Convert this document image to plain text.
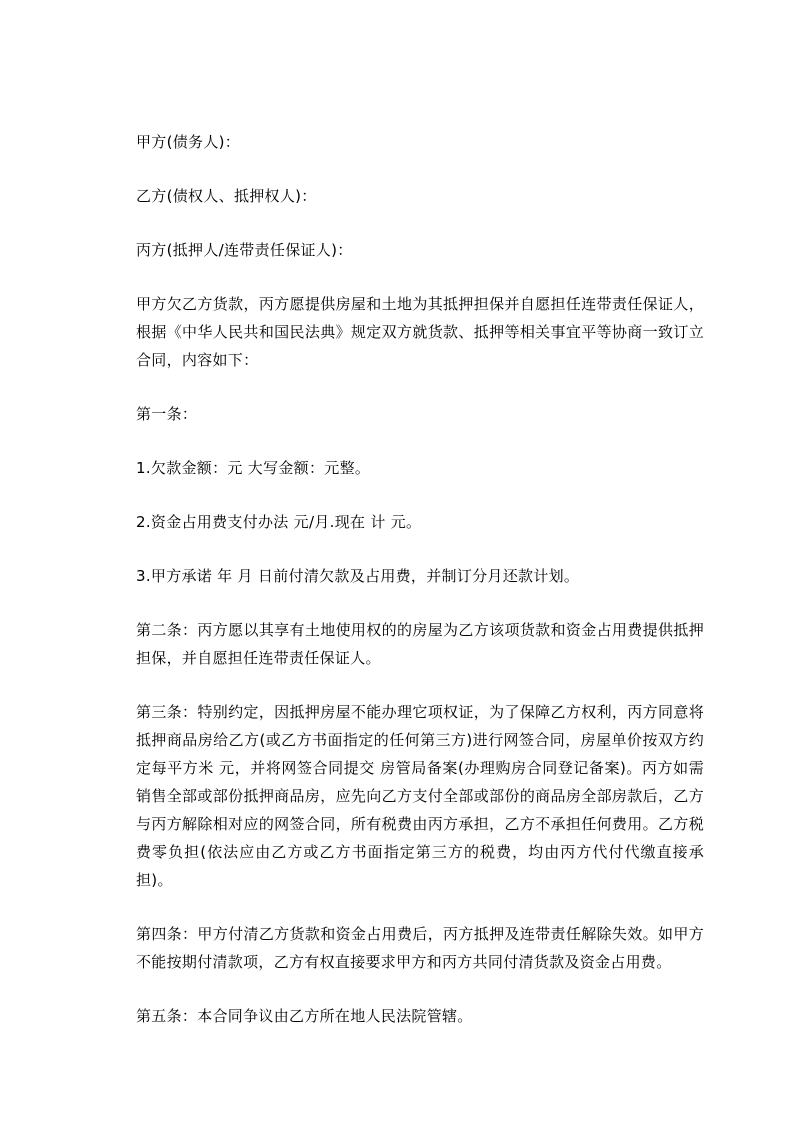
甲方(债务人)：

乙方(债权人、抵押权人)：

丙方(抵押人/连带责任保证人)：

甲方欠乙方货款，丙方愿提供房屋和土地为其抵押担保并自愿担任连带责任保证人，根据《中华人民共和国民法典》规定双方就货款、抵押等相关事宜平等协商一致订立合同，内容如下：

第一条：

1.欠款金额：元 大写金额：元整。

2.资金占用费支付办法 元/月.现在 计 元。

3.甲方承诺 年 月 日前付清欠款及占用费，并制订分月还款计划。

第二条：丙方愿以其享有土地使用权的的房屋为乙方该项货款和资金占用费提供抵押担保，并自愿担任连带责任保证人。

第三条：特别约定，因抵押房屋不能办理它项权证，为了保障乙方权利，丙方同意将抵押商品房给乙方(或乙方书面指定的任何第三方)进行网签合同，房屋单价按双方约定每平方米 元，并将网签合同提交 房管局备案(办理购房合同登记备案)。丙方如需销售全部或部份抵押商品房，应先向乙方支付全部或部份的商品房全部房款后，乙方与丙方解除相对应的网签合同，所有税费由丙方承担，乙方不承担任何费用。乙方税费零负担(依法应由乙方或乙方书面指定第三方的税费，均由丙方代付代缴直接承担)。

第四条：甲方付清乙方货款和资金占用费后，丙方抵押及连带责任解除失效。如甲方不能按期付清款项，乙方有权直接要求甲方和丙方共同付清货款及资金占用费。

第五条：本合同争议由乙方所在地人民法院管辖。
